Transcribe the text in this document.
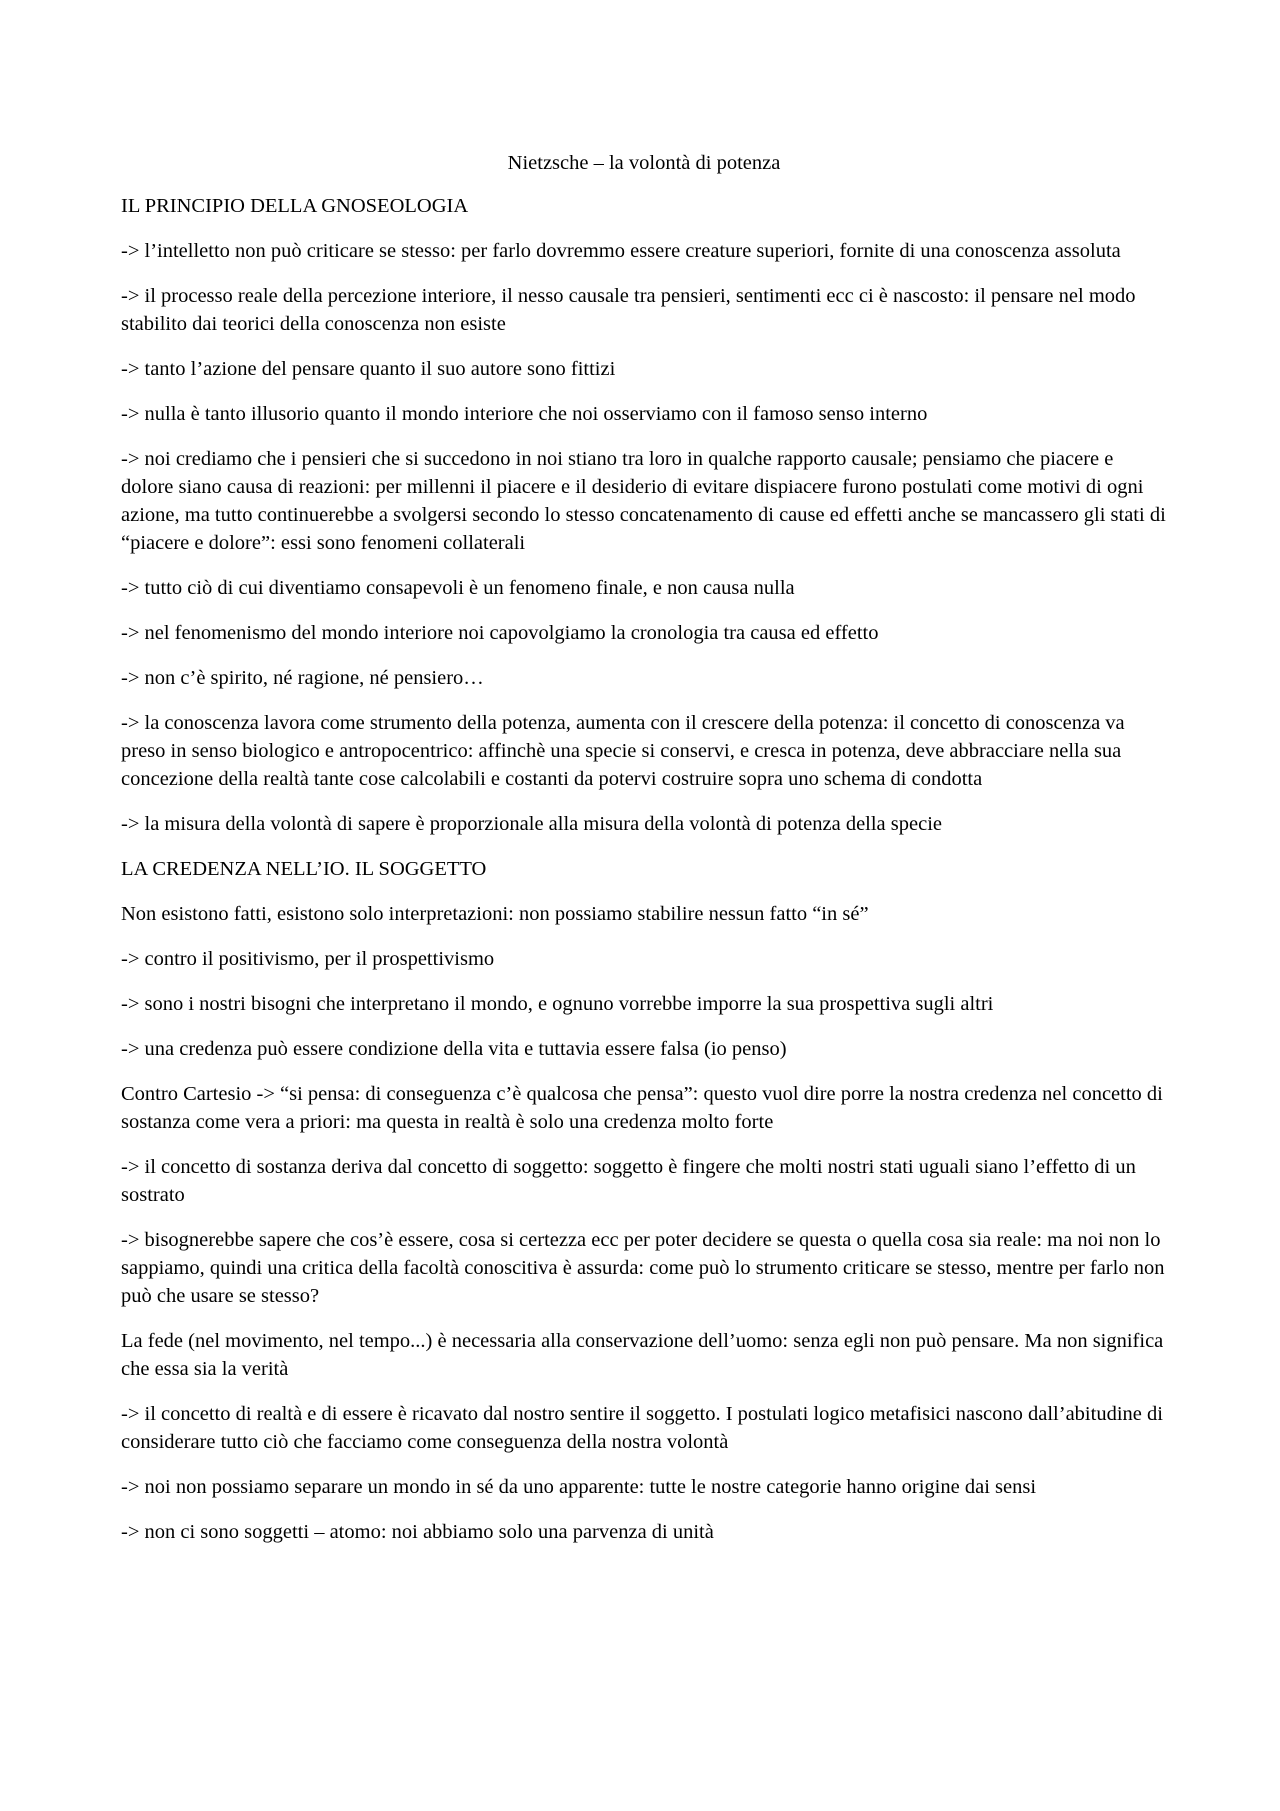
Nietzsche – la volontà di potenza

IL PRINCIPIO DELLA GNOSEOLOGIA

-> l’intelletto non può criticare se stesso: per farlo dovremmo essere creature superiori, fornite di una conoscenza assoluta

-> il processo reale della percezione interiore, il nesso causale tra pensieri, sentimenti ecc ci è nascosto: il pensare nel modo stabilito dai teorici della conoscenza non esiste

-> tanto l’azione del pensare quanto il suo autore sono fittizi

-> nulla è tanto illusorio quanto il mondo interiore che noi osserviamo con il famoso senso interno

-> noi crediamo che i pensieri che si succedono in noi stiano tra loro in qualche rapporto causale; pensiamo che piacere e dolore siano causa di reazioni: per millenni il piacere e il desiderio di evitare dispiacere furono postulati come motivi di ogni azione, ma tutto continuerebbe a svolgersi secondo lo stesso concatenamento di cause ed effetti anche se mancassero gli stati di “piacere e dolore”: essi sono fenomeni collaterali

-> tutto ciò di cui diventiamo consapevoli è un fenomeno finale, e non causa nulla

-> nel fenomenismo del mondo interiore noi capovolgiamo la cronologia tra causa ed effetto

-> non c’è spirito, né ragione, né pensiero…

-> la conoscenza lavora come strumento della potenza, aumenta con il crescere della potenza: il concetto di conoscenza va preso in senso biologico e antropocentrico: affinchè una specie si conservi, e cresca in potenza, deve abbracciare nella sua concezione della realtà tante cose calcolabili e costanti da potervi costruire sopra uno schema di condotta

-> la misura della volontà di sapere è proporzionale alla misura della volontà di potenza della specie

LA CREDENZA NELL’IO. IL SOGGETTO

Non esistono fatti, esistono solo interpretazioni: non possiamo stabilire nessun fatto “in sé”

-> contro il positivismo, per il prospettivismo

-> sono i nostri bisogni che interpretano il mondo, e ognuno vorrebbe imporre la sua prospettiva sugli altri

-> una credenza può essere condizione della vita e tuttavia essere falsa (io penso)

Contro Cartesio -> “si pensa: di conseguenza c’è qualcosa che pensa”: questo vuol dire porre la nostra credenza nel concetto di sostanza come vera a priori: ma questa in realtà è solo una credenza molto forte

-> il concetto di sostanza deriva dal concetto di soggetto: soggetto è fingere che molti nostri stati uguali siano l’effetto di un sostrato

-> bisognerebbe sapere che cos’è essere, cosa si certezza ecc per poter decidere se questa o quella cosa sia reale: ma noi non lo sappiamo, quindi una critica della facoltà conoscitiva è assurda: come può lo strumento criticare se stesso, mentre per farlo non può che usare se stesso?

La fede (nel movimento, nel tempo...) è necessaria alla conservazione dell’uomo: senza egli non può pensare. Ma non significa che essa sia la verità

-> il concetto di realtà e di essere è ricavato dal nostro sentire il soggetto. I postulati logico metafisici nascono dall’abitudine di considerare tutto ciò che facciamo come conseguenza della nostra volontà

-> noi non possiamo separare un mondo in sé da uno apparente: tutte le nostre categorie hanno origine dai sensi

-> non ci sono soggetti – atomo: noi abbiamo solo una parvenza di unità
